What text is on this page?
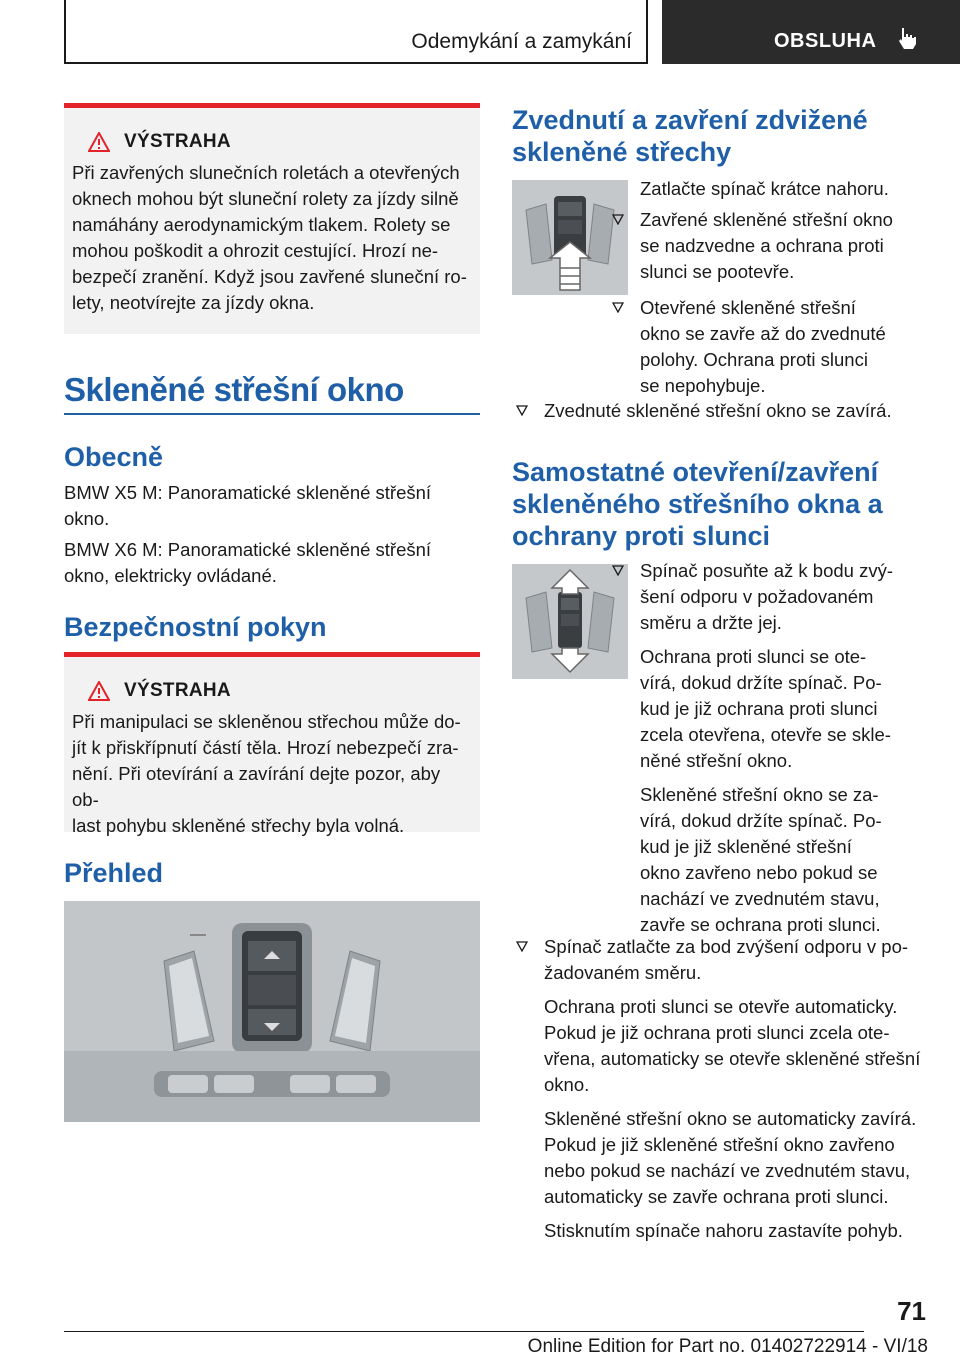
Odemykání a zamykání	OBSLUHA
VÝSTRAHA
Při zavřených slunečních roletách a otevřených
oknech mohou být sluneční rolety za jízdy silně
namáhány aerodynamickým tlakem. Rolety se
mohou poškodit a ohrozit cestující. Hrozí ne-
bezpečí zranění. Když jsou zavřené sluneční ro-
lety, neotvírejte za jízdy okna.
Skleněné střešní okno
Obecně
BMW X5 M: Panoramatické skleněné střešní
okno.
BMW X6 M: Panoramatické skleněné střešní
okno, elektricky ovládané.
Bezpečnostní pokyn
VÝSTRAHA
Při manipulaci se skleněnou střechou může do-
jít k přiskřípnutí částí těla. Hrozí nebezpečí zra-
nění. Při otevírání a zavírání dejte pozor, aby ob-
last pohybu skleněné střechy byla volná.
Přehled
Zvednutí a zavření zdvižené
skleněné střechy
Zatlačte spínač krátce nahoru.
Zavřené skleněné střešní okno
se nadzvedne a ochrana proti
slunci se pootevře.
Otevřené skleněné střešní
okno se zavře až do zvednuté
polohy. Ochrana proti slunci
se nepohybuje.
Zvednuté skleněné střešní okno se zavírá.
Samostatné otevření/zavření
skleněného střešního okna a
ochrany proti slunci
Spínač posuňte až k bodu zvý-
šení odporu v požadovaném
směru a držte jej.
Ochrana proti slunci se ote-
vírá, dokud držíte spínač. Po-
kud je již ochrana proti slunci
zcela otevřena, otevře se skle-
něné střešní okno.
Skleněné střešní okno se za-
vírá, dokud držíte spínač. Po-
kud je již skleněné střešní
okno zavřeno nebo pokud se
nachází ve zvednutém stavu,
zavře se ochrana proti slunci.
Spínač zatlačte za bod zvýšení odporu v po-
žadovaném směru.
Ochrana proti slunci se otevře automaticky.
Pokud je již ochrana proti slunci zcela ote-
vřena, automaticky se otevře skleněné střešní
okno.
Skleněné střešní okno se automaticky zavírá.
Pokud je již skleněné střešní okno zavřeno
nebo pokud se nachází ve zvednutém stavu,
automaticky se zavře ochrana proti slunci.
Stisknutím spínače nahoru zastavíte pohyb.
71
Online Edition for Part no. 01402722914 - VI/18
